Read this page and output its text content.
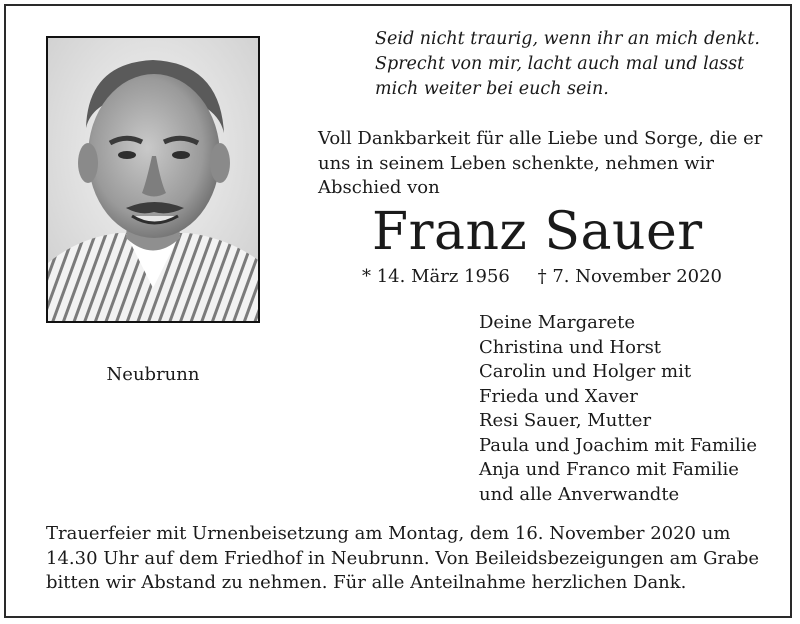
Neubrunn
Seid nicht traurig, wenn ihr an mich denkt.
Sprecht von mir, lacht auch mal und lasst
mich weiter bei euch sein.
Voll Dankbarkeit für alle Liebe und Sorge, die er
uns in seinem Leben schenkte, nehmen wir
Abschied von
Franz Sauer
* 14. März 1956 † 7. November 2020
Deine Margarete
Christina und Horst
Carolin und Holger mit
Frieda und Xaver
Resi Sauer, Mutter
Paula und Joachim mit Familie
Anja und Franco mit Familie
und alle Anverwandte
Trauerfeier mit Urnenbeisetzung am Montag, dem 16. November 2020 um
14.30 Uhr auf dem Friedhof in Neubrunn. Von Beileidsbezeigungen am Grabe
bitten wir Abstand zu nehmen. Für alle Anteilnahme herzlichen Dank.
